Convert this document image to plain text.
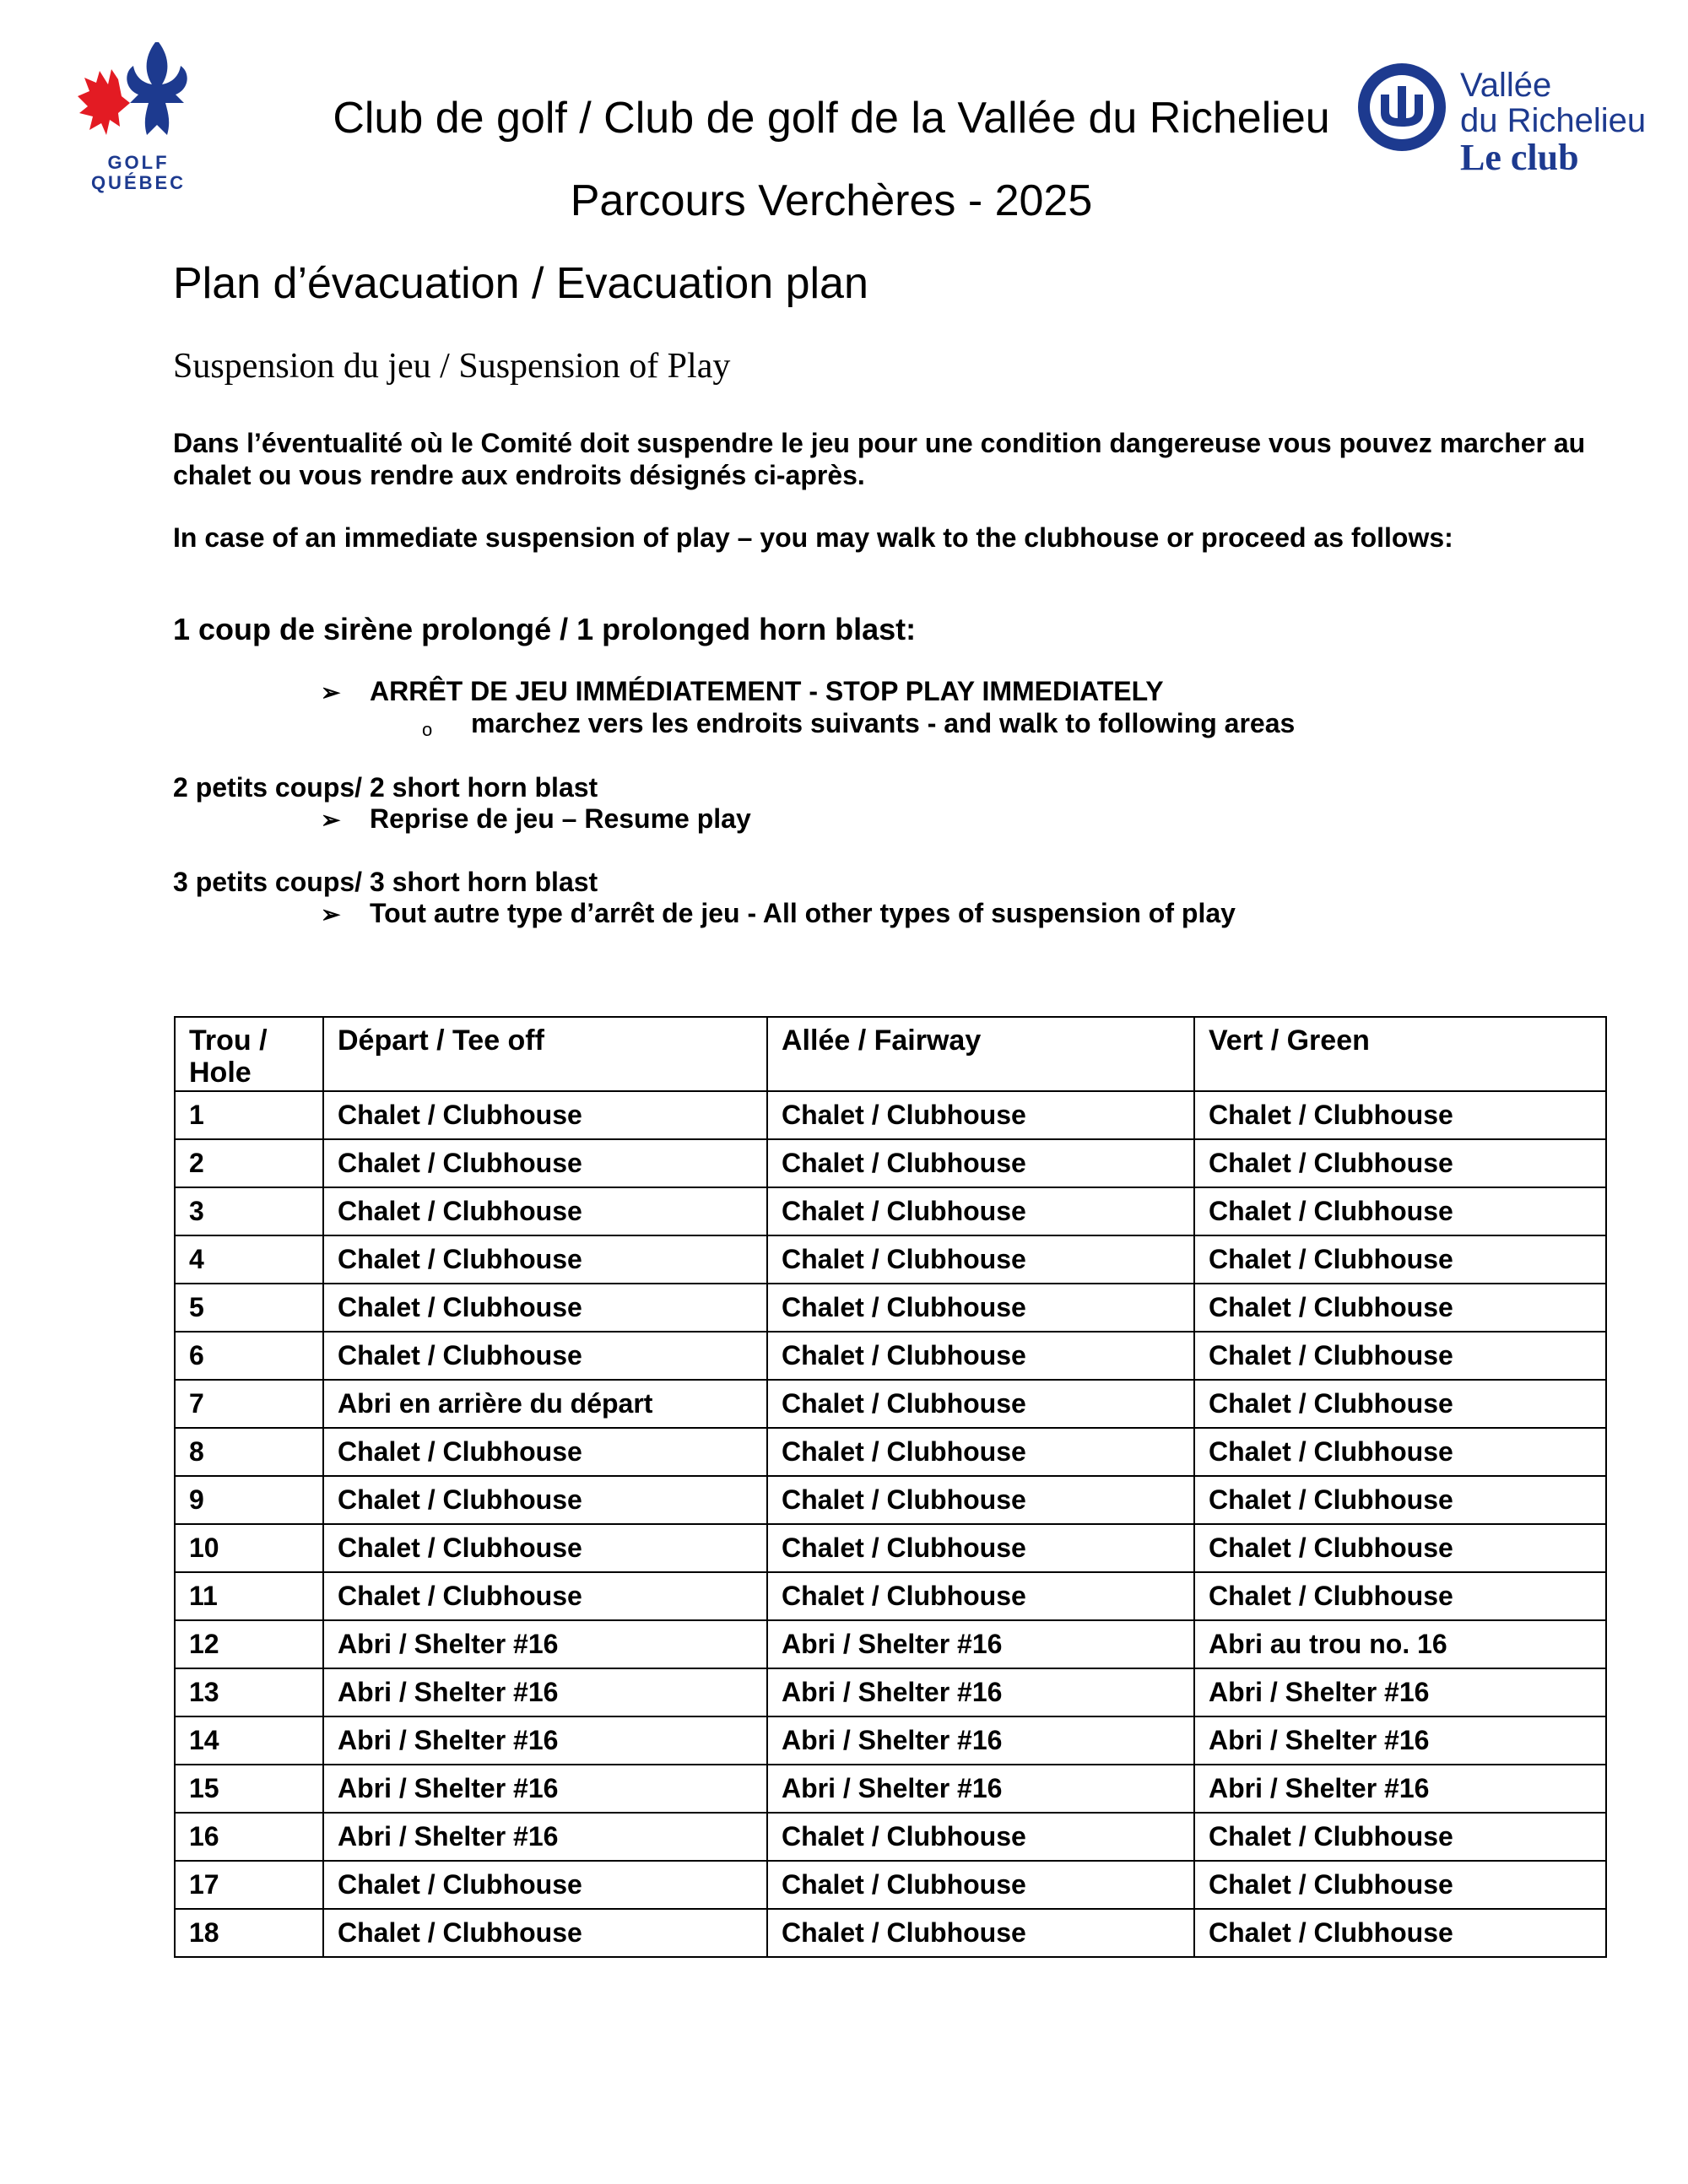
GOLF
QUÉBEC
Club de golf / Club de golf de la Vallée du Richelieu
Parcours Verchères - 2025
Vallée
du Richelieu
Le club
Plan d’évacuation / Evacuation plan
Suspension du jeu / Suspension of Play
Dans l’éventualité où le Comité doit suspendre le jeu pour une condition dangereuse vous pouvez marcher au chalet ou vous rendre aux endroits désignés ci-après.
In case of an immediate suspension of play – you may walk to the clubhouse or proceed as follows:
1 coup de sirène prolongé / 1 prolonged horn blast:
➢ ARRÊT DE JEU IMMÉDIATEMENT - STOP PLAY IMMEDIATELY
o marchez vers les endroits suivants - and walk to following areas
2 petits coups/ 2 short horn blast
➢ Reprise de jeu – Resume play
3 petits coups/ 3 short horn blast
➢ Tout autre type d’arrêt de jeu - All other types of suspension of play
Trou /
Hole	Départ / Tee off	Allée / Fairway	Vert / Green
1	Chalet / Clubhouse	Chalet / Clubhouse	Chalet / Clubhouse
2	Chalet / Clubhouse	Chalet / Clubhouse	Chalet / Clubhouse
3	Chalet / Clubhouse	Chalet / Clubhouse	Chalet / Clubhouse
4	Chalet / Clubhouse	Chalet / Clubhouse	Chalet / Clubhouse
5	Chalet / Clubhouse	Chalet / Clubhouse	Chalet / Clubhouse
6	Chalet / Clubhouse	Chalet / Clubhouse	Chalet / Clubhouse
7	Abri en arrière du départ	Chalet / Clubhouse	Chalet / Clubhouse
8	Chalet / Clubhouse	Chalet / Clubhouse	Chalet / Clubhouse
9	Chalet / Clubhouse	Chalet / Clubhouse	Chalet / Clubhouse
10	Chalet / Clubhouse	Chalet / Clubhouse	Chalet / Clubhouse
11	Chalet / Clubhouse	Chalet / Clubhouse	Chalet / Clubhouse
12	Abri / Shelter #16	Abri / Shelter #16	Abri au trou no. 16
13	Abri / Shelter #16	Abri / Shelter #16	Abri / Shelter #16
14	Abri / Shelter #16	Abri / Shelter #16	Abri / Shelter #16
15	Abri / Shelter #16	Abri / Shelter #16	Abri / Shelter #16
16	Abri / Shelter #16	Chalet / Clubhouse	Chalet / Clubhouse
17	Chalet / Clubhouse	Chalet / Clubhouse	Chalet / Clubhouse
18	Chalet / Clubhouse	Chalet / Clubhouse	Chalet / Clubhouse
